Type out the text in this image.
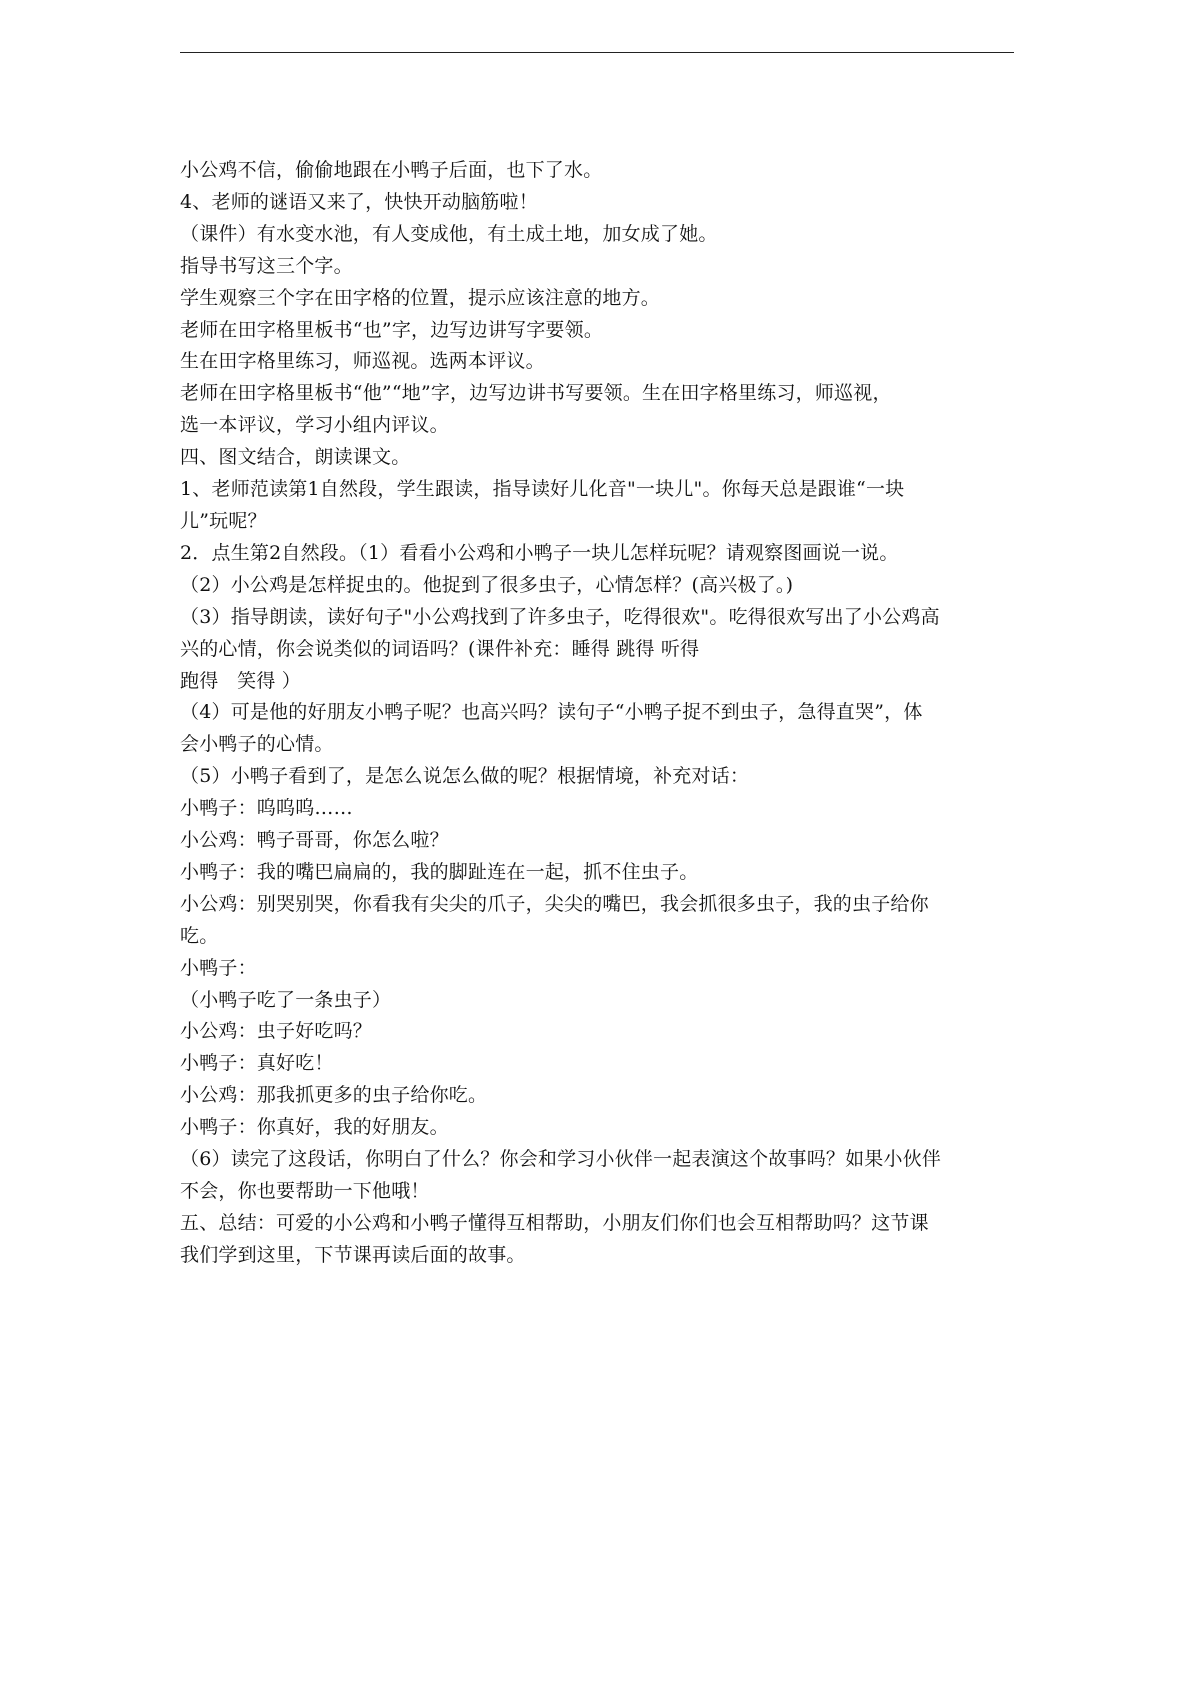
小公鸡不信，偷偷地跟在小鸭子后面，也下了水。

4、老师的谜语又来了，快快开动脑筋啦！

（课件）有水变水池，有人变成他，有土成土地，加女成了她。

指导书写这三个字。

学生观察三个字在田字格的位置，提示应该注意的地方。

老师在田字格里板书“也”字，边写边讲写字要领。

生在田字格里练习，师巡视。选两本评议。

老师在田字格里板书“他”“地”字，边写边讲书写要领。生在田字格里练习，师巡视，

选一本评议，学习小组内评议。

四、图文结合，朗读课文。

1、老师范读第1自然段，学生跟读，指导读好儿化音"一块儿"。你每天总是跟谁“一块

儿”玩呢？

2．点生第2自然段。（1）看看小公鸡和小鸭子一块儿怎样玩呢？请观察图画说一说。

（2）小公鸡是怎样捉虫的。他捉到了很多虫子，心情怎样？(高兴极了。)

（3）指导朗读，读好句子"小公鸡找到了许多虫子，吃得很欢"。吃得很欢写出了小公鸡高

兴的心情，你会说类似的词语吗？(课件补充：睡得 跳得 听得

跑得   笑得 ）

（4）可是他的好朋友小鸭子呢？也高兴吗？读句子“小鸭子捉不到虫子，急得直哭”，体

会小鸭子的心情。

（5）小鸭子看到了，是怎么说怎么做的呢？根据情境，补充对话：

小鸭子：呜呜呜……

小公鸡：鸭子哥哥，你怎么啦？

小鸭子：我的嘴巴扁扁的，我的脚趾连在一起，抓不住虫子。

小公鸡：别哭别哭，你看我有尖尖的爪子，尖尖的嘴巴，我会抓很多虫子，我的虫子给你

吃。

小鸭子：

（小鸭子吃了一条虫子）

小公鸡：虫子好吃吗？

小鸭子：真好吃！

小公鸡：那我抓更多的虫子给你吃。

小鸭子：你真好，我的好朋友。

（6）读完了这段话，你明白了什么？你会和学习小伙伴一起表演这个故事吗？如果小伙伴

不会，你也要帮助一下他哦！

五、总结：可爱的小公鸡和小鸭子懂得互相帮助，小朋友们你们也会互相帮助吗？这节课

我们学到这里，下节课再读后面的故事。
